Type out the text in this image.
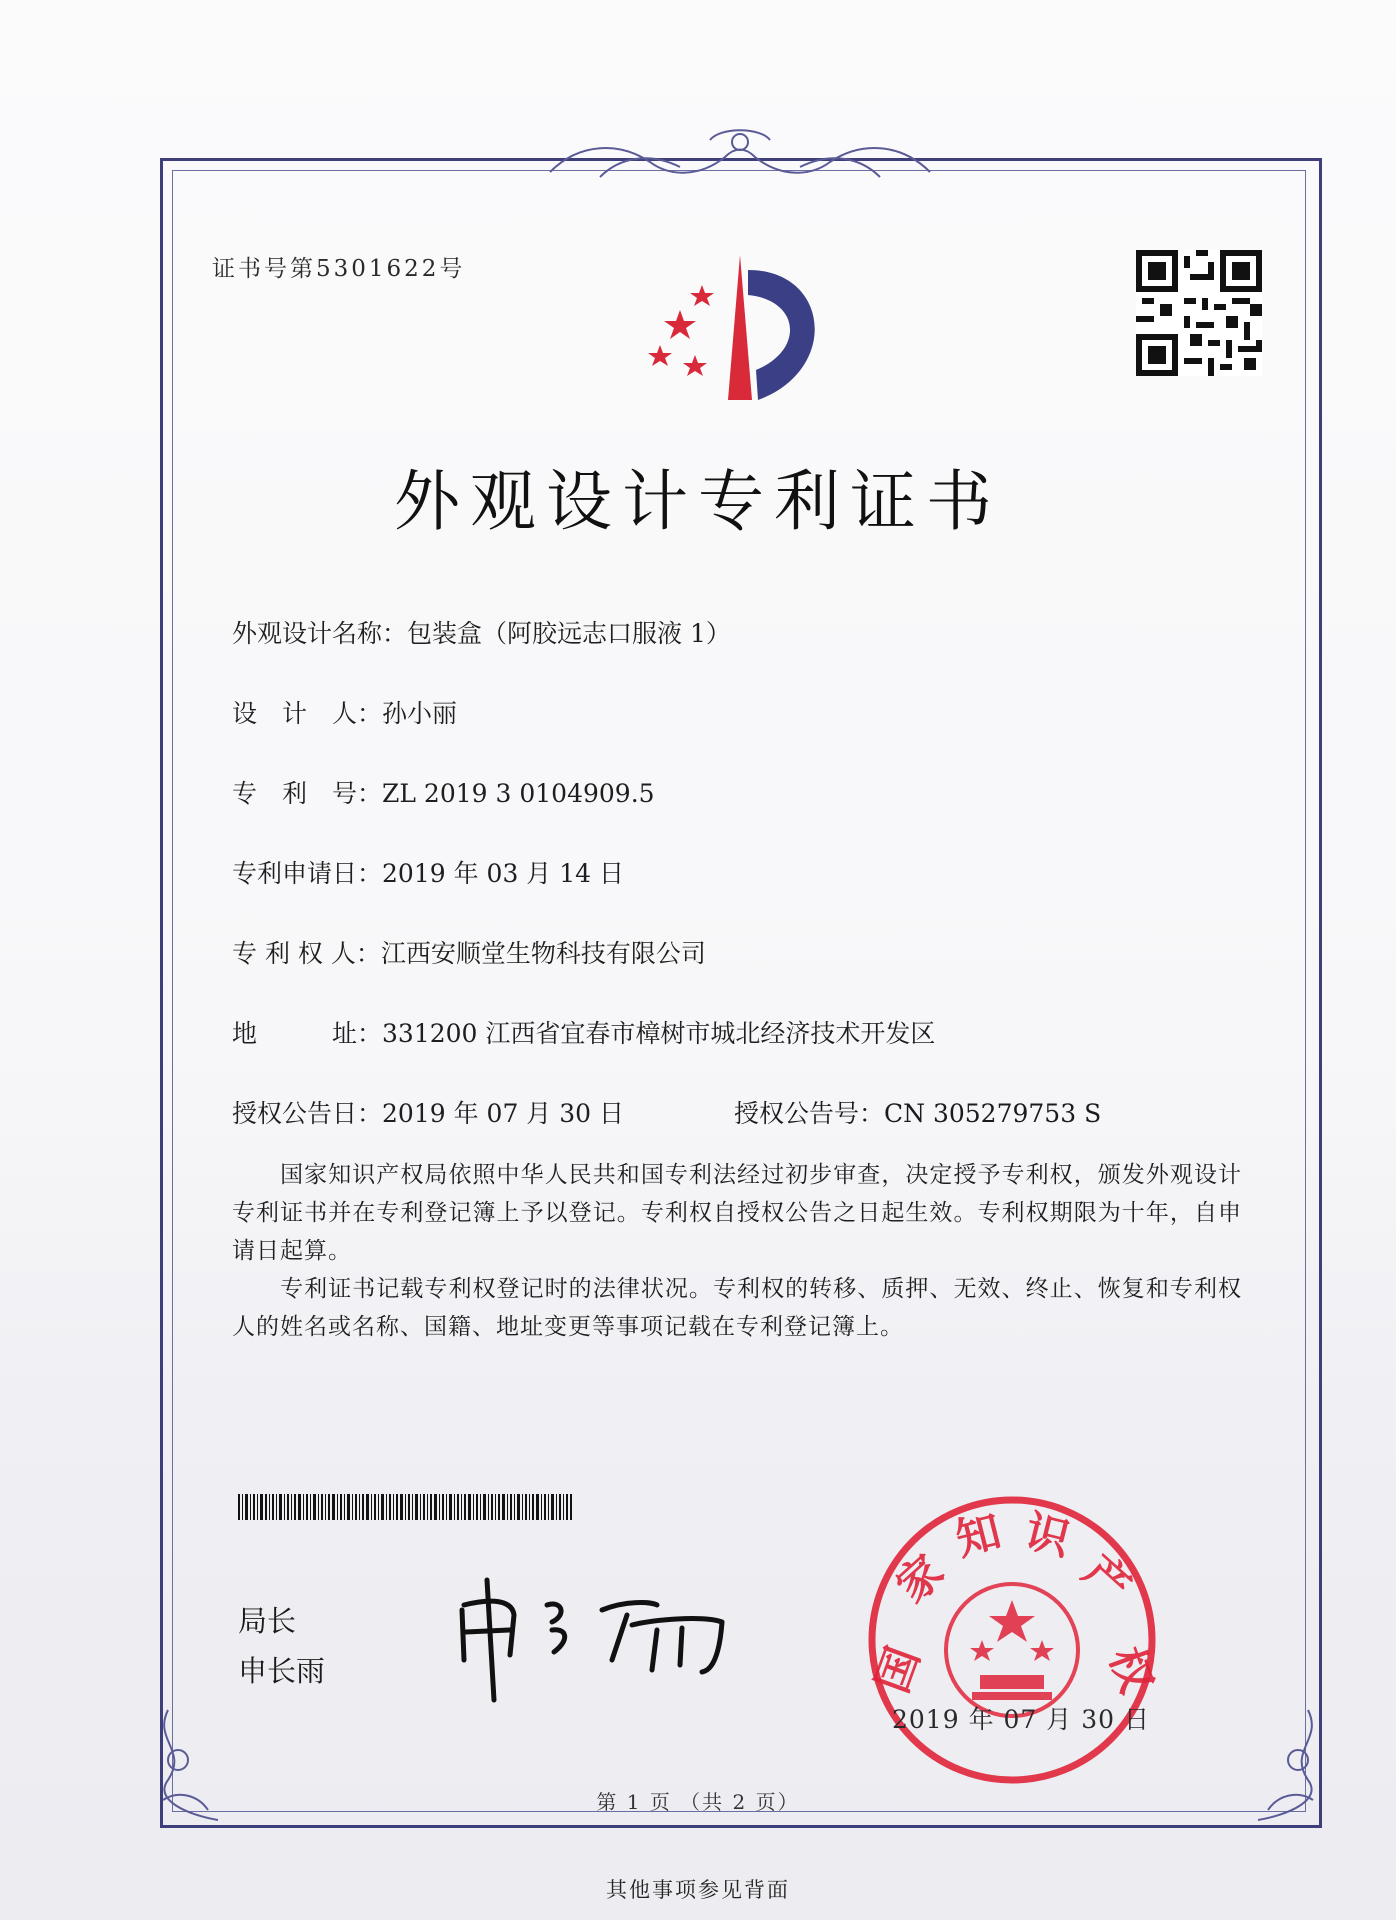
证书号第5301622号
外观设计专利证书
外观设计名称：包装盒（阿胶远志口服液 1）
设　计　人：孙小丽
专　利　号：ZL 2019 3 0104909.5
专利申请日：2019 年 03 月 14 日
专 利 权 人：江西安顺堂生物科技有限公司
地　　　址：331200 江西省宜春市樟树市城北经济技术开发区
授权公告日：2019 年 07 月 30 日	授权公告号：CN 305279753 S
　　国家知识产权局依照中华人民共和国专利法经过初步审查，决定授予专利权，颁发外观设计专利证书并在专利登记簿上予以登记。专利权自授权公告之日起生效。专利权期限为十年，自申请日起算。
　　专利证书记载专利权登记时的法律状况。专利权的转移、质押、无效、终止、恢复和专利权人的姓名或名称、国籍、地址变更等事项记载在专利登记簿上。
局长
申长雨	国
家
知 识
产
权
2019 年 07 月 30 日
第 1 页 （共 2 页）
其他事项参见背面
